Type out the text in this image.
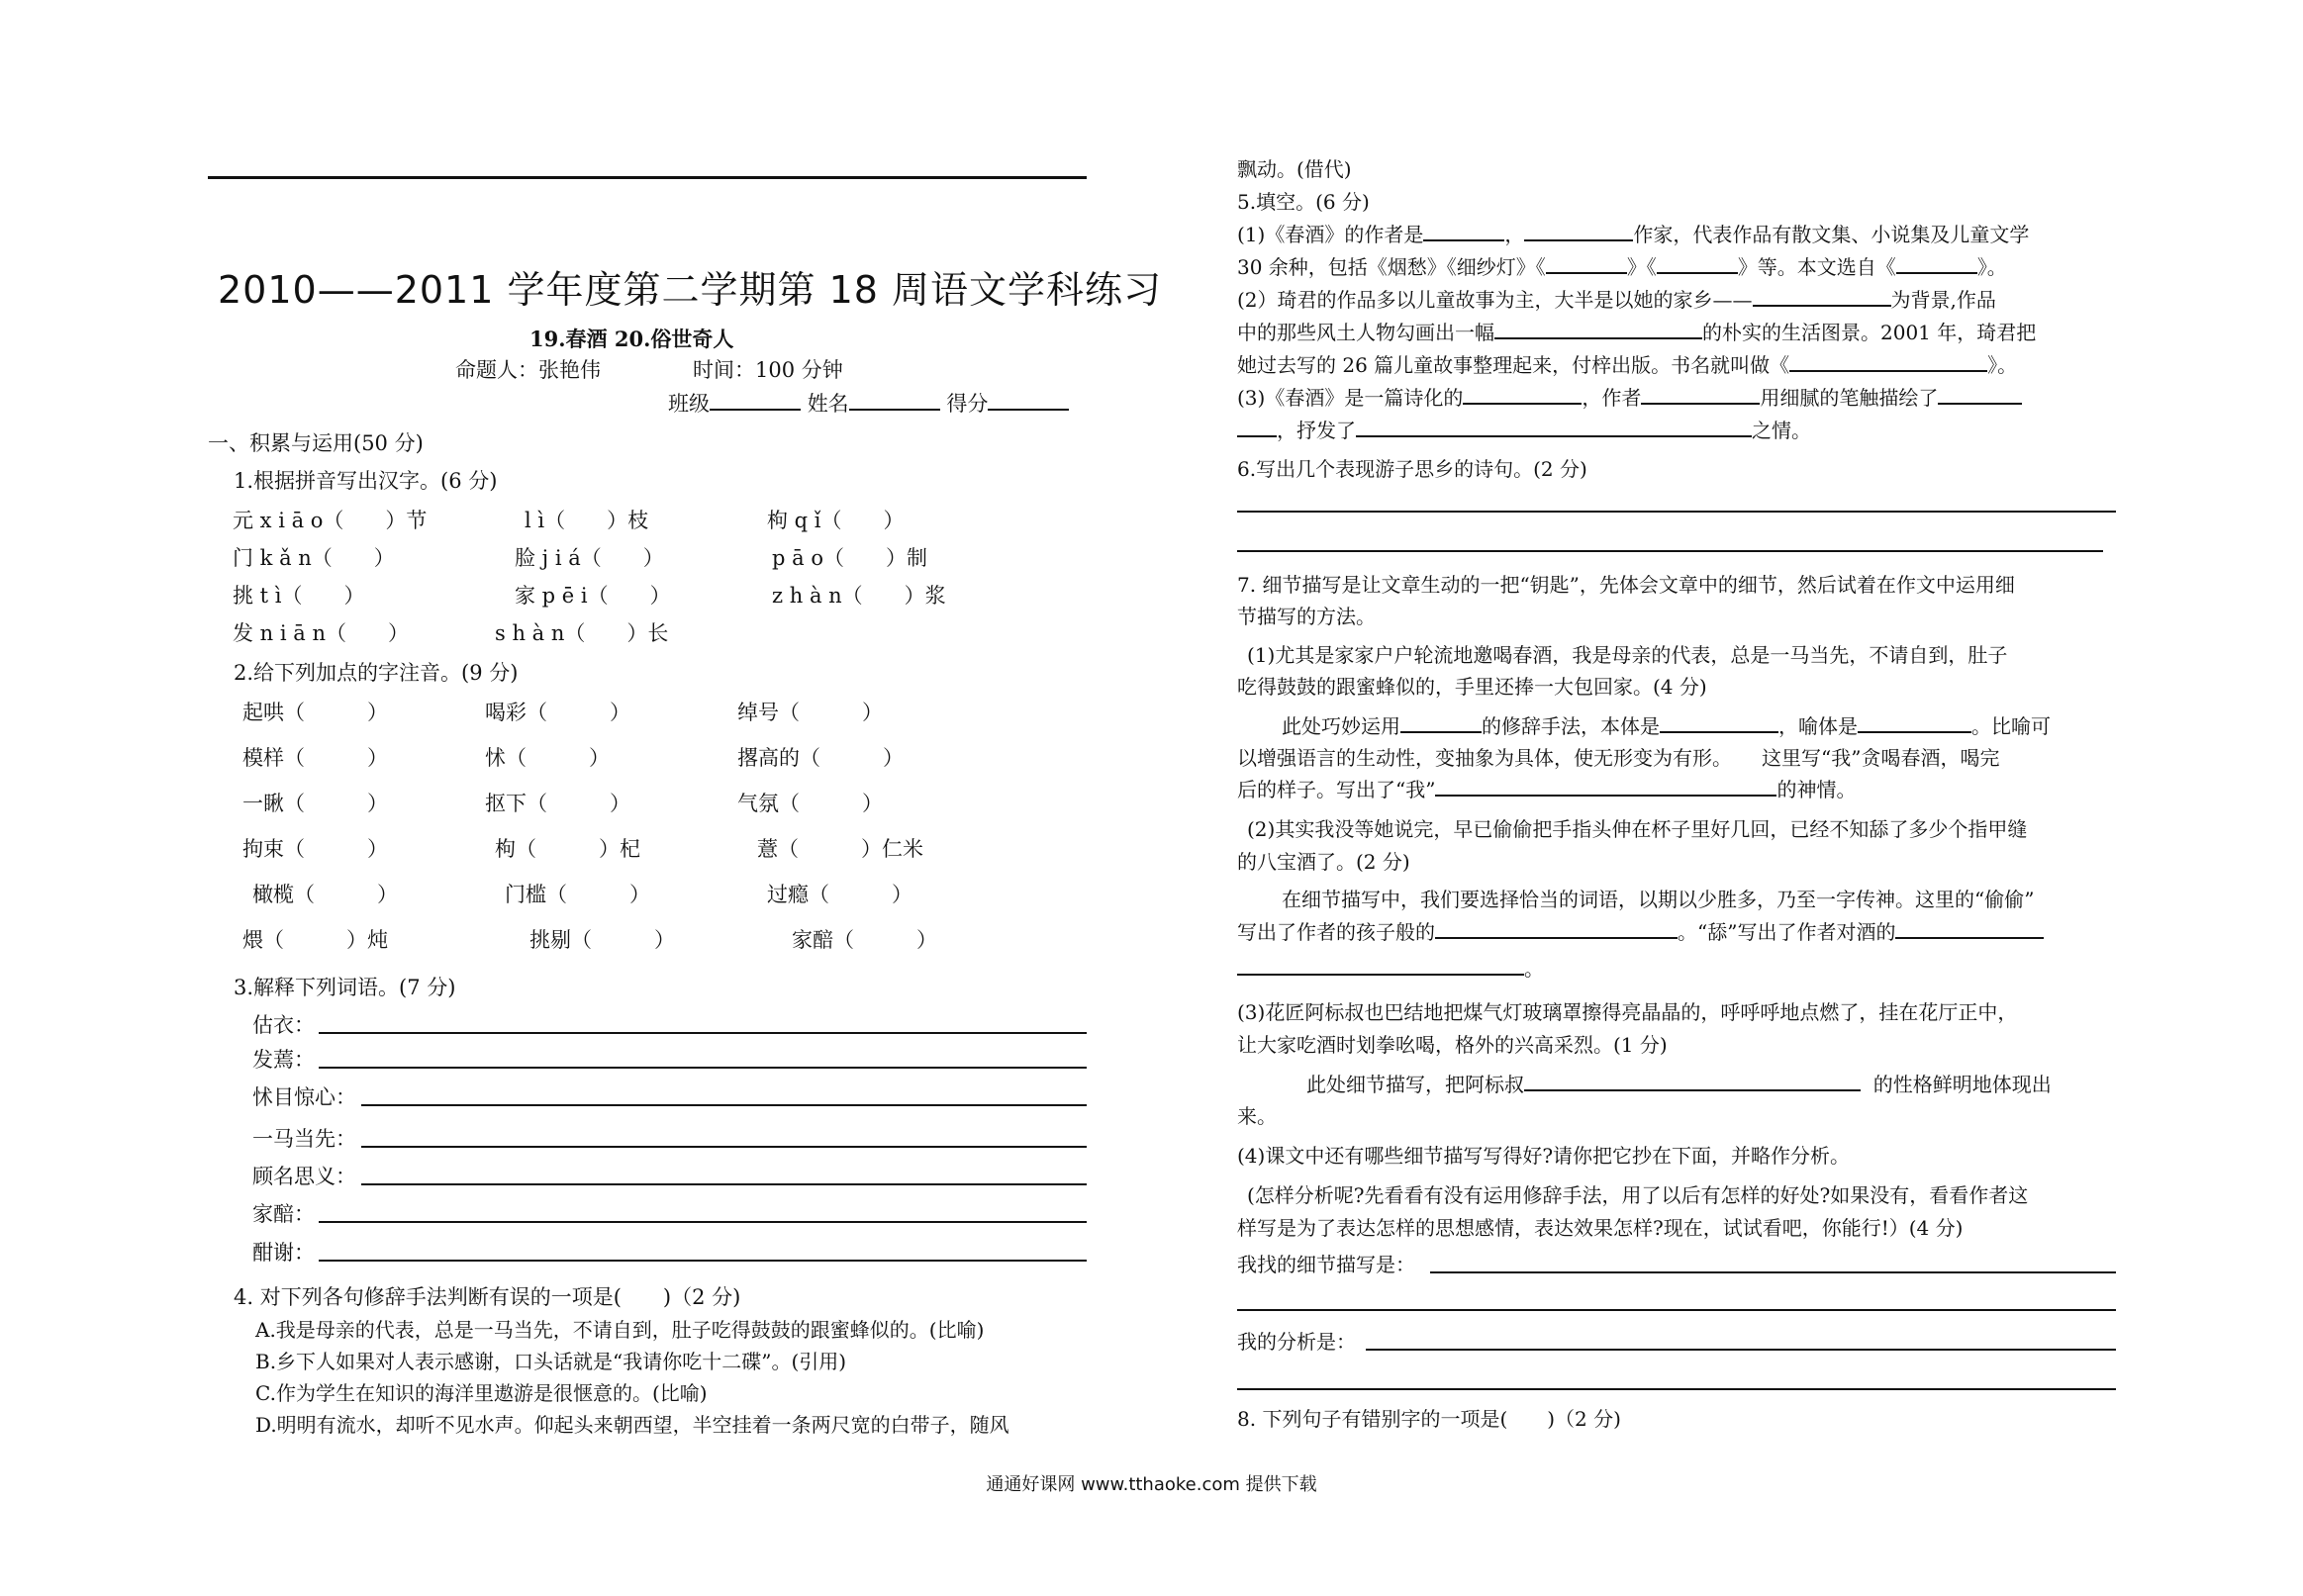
2010——2011 学年度第二学期第 18 周语文学科练习
19.春酒 20.俗世奇人
命题人：张艳伟	时间：100 分钟
班级	姓名	得分
一、积累与运用(50 分)
1.根据拼音写出汉字。(6 分)
元 x i ā o（　　）节	l ì（　　）枝	枸 q ǐ（　　）
门 k ǎ n（　　）	脸 j i á（　　）	p ā o（　　）制
挑 t ì（　　）	家 p ē i（　　）	z h à n（　　）浆
发 n i ā n（　　）	s h à n（　　）长
2.给下列加点的字注音。(9 分)
起哄（　　　）	喝彩（　　　）	绰号（　　　）
模样（　　　）	怵（　　　）	撂高的（　　　）
一瞅（　　　）	抠下（　　　）	气氛（　　　）
拘束（　　　）	枸（　　　）杞	薏（　　　）仁米
橄榄（　　　）	门槛（　　　）	过瘾（　　　）
煨（　　　）炖	挑剔（　　　）	家醅（　　　）
3.解释下列词语。(7 分)
估衣：
发蔫：
怵目惊心：
一马当先：
顾名思义：
家醅：
酣谢：
4. 对下列各句修辞手法判断有误的一项是(　　)（2 分)
A.我是母亲的代表，总是一马当先，不请自到，肚子吃得鼓鼓的跟蜜蜂似的。(比喻)
B.乡下人如果对人表示感谢，口头话就是“我请你吃十二碟”。(引用)
C.作为学生在知识的海洋里遨游是很惬意的。(比喻)
D.明明有流水，却听不见水声。仰起头来朝西望，半空挂着一条两尺宽的白带子，随风
飘动。(借代)
5.填空。(6 分)
(1)《春酒》的作者是	，	作家，代表作品有散文集、小说集及儿童文学
30 余种，包括《烟愁》《细纱灯》《	》《	》等。本文选自《	》。
(2）琦君的作品多以儿童故事为主，大半是以她的家乡——	为背景,作品
中的那些风土人物勾画出一幅	的朴实的生活图景。2001 年，琦君把
她过去写的 26 篇儿童故事整理起来，付梓出版。书名就叫做《	》。
(3)《春酒》是一篇诗化的	，作者	用细腻的笔触描绘了
，抒发了	之情。
6.写出几个表现游子思乡的诗句。(2 分)
7. 细节描写是让文章生动的一把“钥匙”，先体会文章中的细节，然后试着在作文中运用细
节描写的方法。
(1)尤其是家家户户轮流地邀喝春酒，我是母亲的代表，总是一马当先，不请自到，肚子
吃得鼓鼓的跟蜜蜂似的，手里还捧一大包回家。(4 分)
此处巧妙运用	的修辞手法，本体是	，喻体是	。比喻可
以增强语言的生动性，变抽象为具体，使无形变为有形。　　这里写“我”贪喝春酒，喝完
后的样子。写出了“我”	的神情。
(2)其实我没等她说完，早已偷偷把手指头伸在杯子里好几回，已经不知舔了多少个指甲缝
的八宝酒了。(2 分)
在细节描写中，我们要选择恰当的词语，以期以少胜多，乃至一字传神。这里的“偷偷”
写出了作者的孩子般的	。“舔”写出了作者对酒的
。
(3)花匠阿标叔也巴结地把煤气灯玻璃罩擦得亮晶晶的，呼呼呼地点燃了，挂在花厅正中，
让大家吃酒时划拳吆喝，格外的兴高采烈。(1 分)
此处细节描写，把阿标叔	的性格鲜明地体现出
来。
(4)课文中还有哪些细节描写写得好?请你把它抄在下面，并略作分析。
(怎样分析呢?先看看有没有运用修辞手法，用了以后有怎样的好处?如果没有，看看作者这
样写是为了表达怎样的思想感情，表达效果怎样?现在，试试看吧，你能行!）(4 分)
我找的细节描写是：
我的分析是：
8. 下列句子有错别字的一项是(　　)（2 分)
通通好课网 www.tthaoke.com 提供下载
